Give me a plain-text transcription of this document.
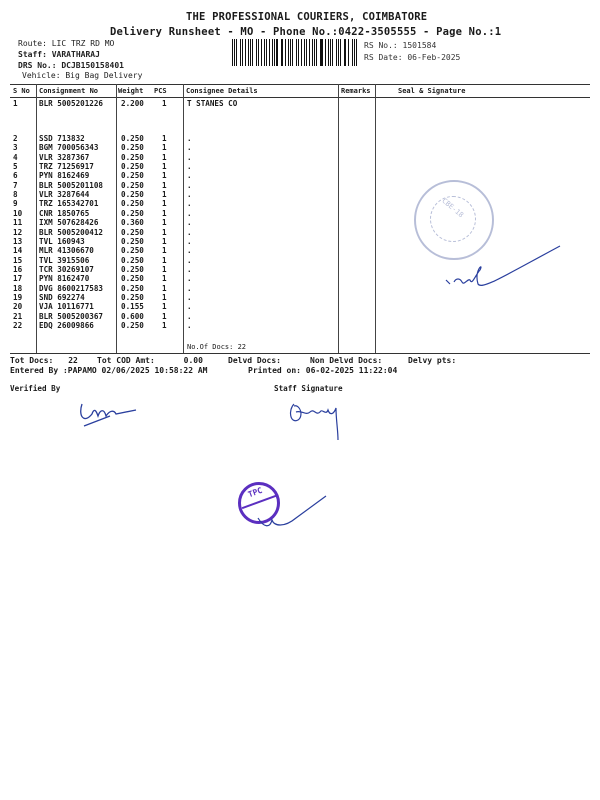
THE PROFESSIONAL COURIERS, COIMBATORE
Delivery Runsheet - MO - Phone No.:0422-3505555 - Page No.:1
Route: LIC TRZ RD MO
Staff: VARATHARAJ
DRS No.: DCJB150158401
Vehicle: Big Bag Delivery
RS No.: 1501584
RS Date: 06-Feb-2025
S No Consignment No	Weight PCS	Consignee Details	Remarks	Seal & Signature
1	BLR 5005201226 2.200 1	T STANES CO
2	SSD 713832	0.250 1	.
3	BGM 700056343	0.250 1	.
4	VLR 3287367	0.250 1	.
5	TRZ 71256917	0.250 1	.
6	PYN 8162469	0.250 1	.
7	BLR 5005201108 0.250 1	.
8	VLR 3287644	0.250 1	.
9	TRZ 165342701	0.250 1	.
10 CNR 1850765	0.250 1	.
11 IXM 507628426	0.360 1	.
12 BLR 5005200412 0.250 1	.
13 TVL 160943	0.250 1	.
14 MLR 41306670	0.250 1	.
15 TVL 3915506	0.250 1	.
16 TCR 30269107	0.250 1	.
17 PYN 8162470	0.250 1	.
18 DVG 8600217583 0.250 1	.
19 SND 692274	0.250 1	.
20 VJA 10116771	0.155 1	.
21 BLR 5005200367 0.600 1	.
22 EDQ 26009866	0.250 1	.
No.Of Docs: 22
Tot Docs: 22 Tot COD Amt:	0.00	Delvd Docs:	Non Delvd Docs:	Delvy pts:
Entered By :PAPAMO 02/06/2025 10:58:22 AM	Printed on: 06-02-2025 11:22:04
Verified By	Staff Signature
CBE-18
TPC
